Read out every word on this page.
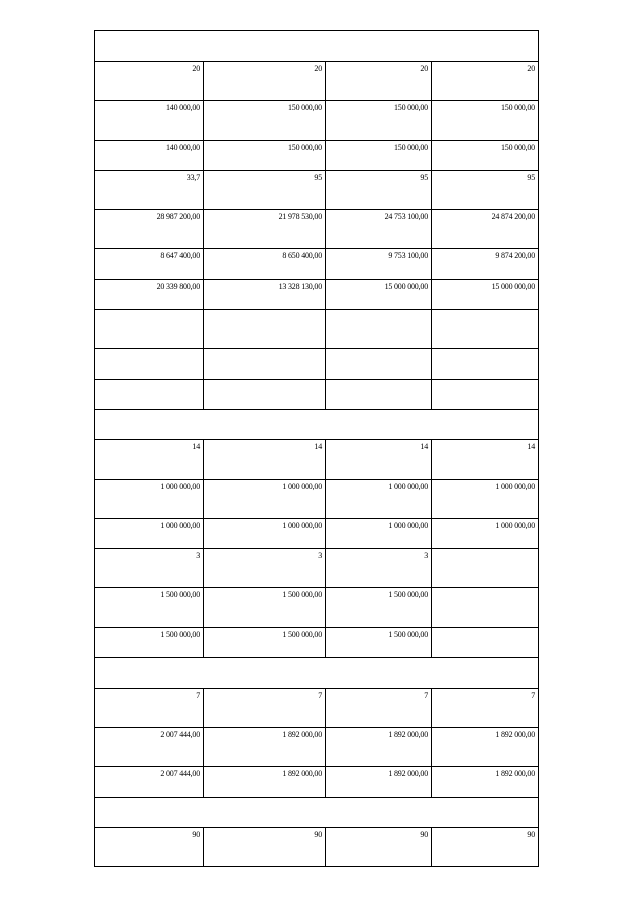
20	20	20	20
140 000,00	150 000,00	150 000,00	150 000,00
140 000,00	150 000,00	150 000,00	150 000,00
33,7	95	95	95
28 987 200,00	21 978 530,00	24 753 100,00	24 874 200,00
8 647 400,00	8 650 400,00	9 753 100,00	9 874 200,00
20 339 800,00	13 328 130,00	15 000 000,00	15 000 000,00

14	14	14	14
1 000 000,00	1 000 000,00	1 000 000,00	1 000 000,00
1 000 000,00	1 000 000,00	1 000 000,00	1 000 000,00
3	3	3	
1 500 000,00	1 500 000,00	1 500 000,00	
1 500 000,00	1 500 000,00	1 500 000,00	

7	7	7	7
2 007 444,00	1 892 000,00	1 892 000,00	1 892 000,00
2 007 444,00	1 892 000,00	1 892 000,00	1 892 000,00

90	90	90	90
